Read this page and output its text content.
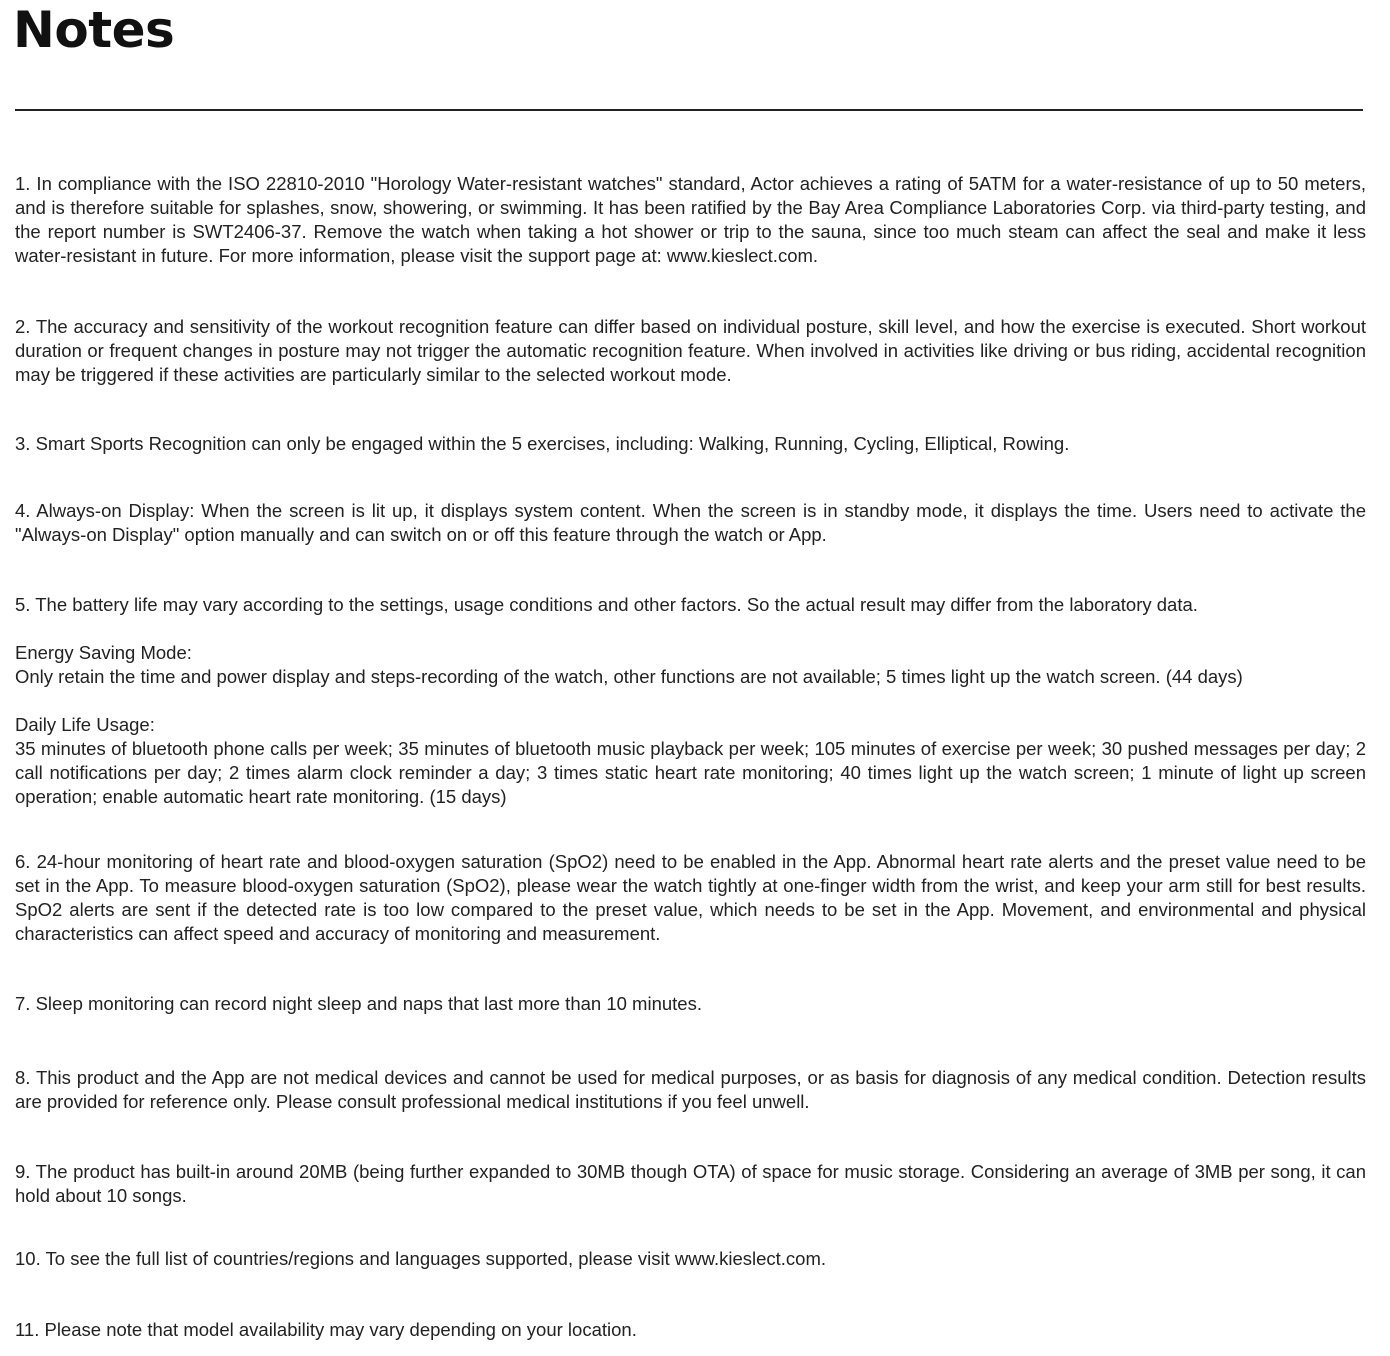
Notes

1. In compliance with the ISO 22810-2010 "Horology Water-resistant watches" standard, Actor achieves a rating of 5ATM for a water-resistance of up to 50 meters, and is therefore suitable for splashes, snow, showering, or swimming. It has been ratified by the Bay Area Compliance Laboratories Corp. via third-party testing, and the report number is SWT2406-37. Remove the watch when taking a hot shower or trip to the sauna, since too much steam can affect the seal and make it less water-resistant in future. For more information, please visit the support page at: www.kieslect.com.

2. The accuracy and sensitivity of the workout recognition feature can differ based on individual posture, skill level, and how the exercise is executed. Short workout duration or frequent changes in posture may not trigger the automatic recognition feature. When involved in activities like driving or bus riding, accidental recognition may be triggered if these activities are particularly similar to the selected workout mode.

3. Smart Sports Recognition can only be engaged within the 5 exercises, including: Walking, Running, Cycling, Elliptical, Rowing.

4. Always-on Display: When the screen is lit up, it displays system content. When the screen is in standby mode, it displays the time. Users need to activate the "Always-on Display" option manually and can switch on or off this feature through the watch or App.

5. The battery life may vary according to the settings, usage conditions and other factors. So the actual result may differ from the laboratory data.

Energy Saving Mode:

Only retain the time and power display and steps-recording of the watch, other functions are not available; 5 times light up the watch screen. (44 days)

Daily Life Usage:

35 minutes of bluetooth phone calls per week; 35 minutes of bluetooth music playback per week; 105 minutes of exercise per week; 30 pushed messages per day; 2 call notifications per day; 2 times alarm clock reminder a day; 3 times static heart rate monitoring; 40 times light up the watch screen; 1 minute of light up screen operation; enable automatic heart rate monitoring. (15 days)

6. 24-hour monitoring of heart rate and blood-oxygen saturation (SpO2) need to be enabled in the App. Abnormal heart rate alerts and the preset value need to be set in the App. To measure blood-oxygen saturation (SpO2), please wear the watch tightly at one-finger width from the wrist, and keep your arm still for best results. SpO2 alerts are sent if the detected rate is too low compared to the preset value, which needs to be set in the App. Movement, and environmental and physical characteristics can affect speed and accuracy of monitoring and measurement.

7. Sleep monitoring can record night sleep and naps that last more than 10 minutes.

8. This product and the App are not medical devices and cannot be used for medical purposes, or as basis for diagnosis of any medical condition. Detection results are provided for reference only. Please consult professional medical institutions if you feel unwell.

9. The product has built-in around 20MB (being further expanded to 30MB though OTA) of space for music storage. Considering an average of 3MB per song, it can hold about 10 songs.

10. To see the full list of countries/regions and languages supported, please visit www.kieslect.com.

11. Please note that model availability may vary depending on your location.
